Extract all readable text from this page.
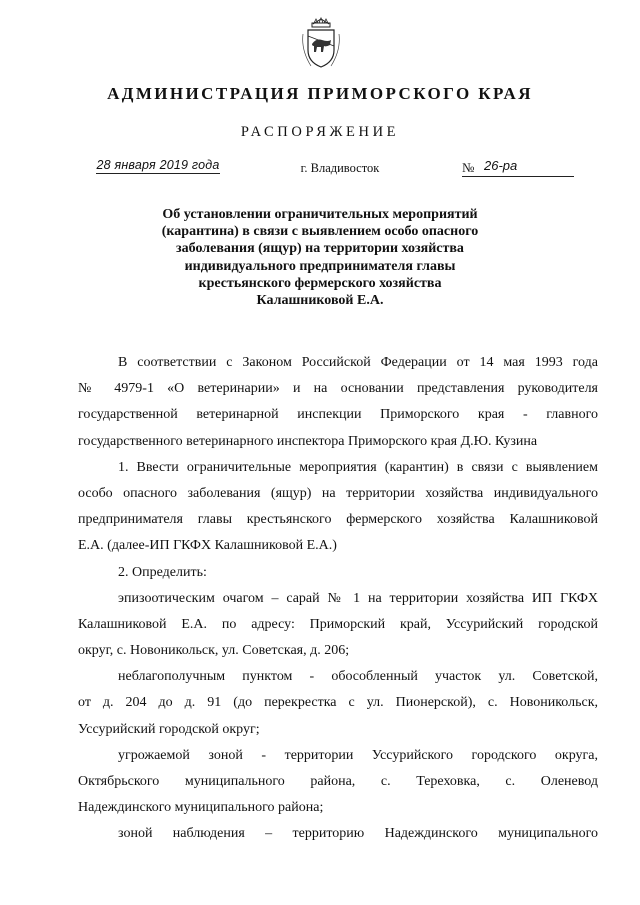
АДМИНИСТРАЦИЯ ПРИМОРСКОГО КРАЯ
РАСПОРЯЖЕНИЕ
28 января 2019 года	г. Владивосток	№ 26-ра
Об установлении ограничительных мероприятий
(карантина) в связи с выявлением особо опасного
заболевания (ящур) на территории хозяйства
индивидуального предпринимателя главы
крестьянского фермерского хозяйства
Калашниковой Е.А.
В соответствии с Законом Российской Федерации от 14 мая 1993 года
№ 4979-1 «О ветеринарии» и на основании представления руководителя
государственной ветеринарной инспекции Приморского края - главного
государственного ветеринарного инспектора Приморского края Д.Ю. Кузина
1. Ввести ограничительные мероприятия (карантин) в связи с выявлением
особо опасного заболевания (ящур) на территории хозяйства индивидуального
предпринимателя главы крестьянского фермерского хозяйства Калашниковой
Е.А. (далее-ИП ГКФХ Калашниковой Е.А.)
2. Определить:
эпизоотическим очагом – сарай № 1 на территории хозяйства ИП ГКФХ
Калашниковой Е.А. по адресу: Приморский край, Уссурийский городской
округ, с. Новоникольск, ул. Советская, д. 206;
неблагополучным пунктом - обособленный участок ул. Советской,
от д. 204 до д. 91 (до перекрестка с ул. Пионерской), с. Новоникольск,
Уссурийский городской округ;
угрожаемой зоной - территории Уссурийского городского округа,
Октябрьского муниципального района, с. Тереховка, с. Оленевод
Надеждинского муниципального района;
зоной наблюдения – территорию Надеждинского муниципального
